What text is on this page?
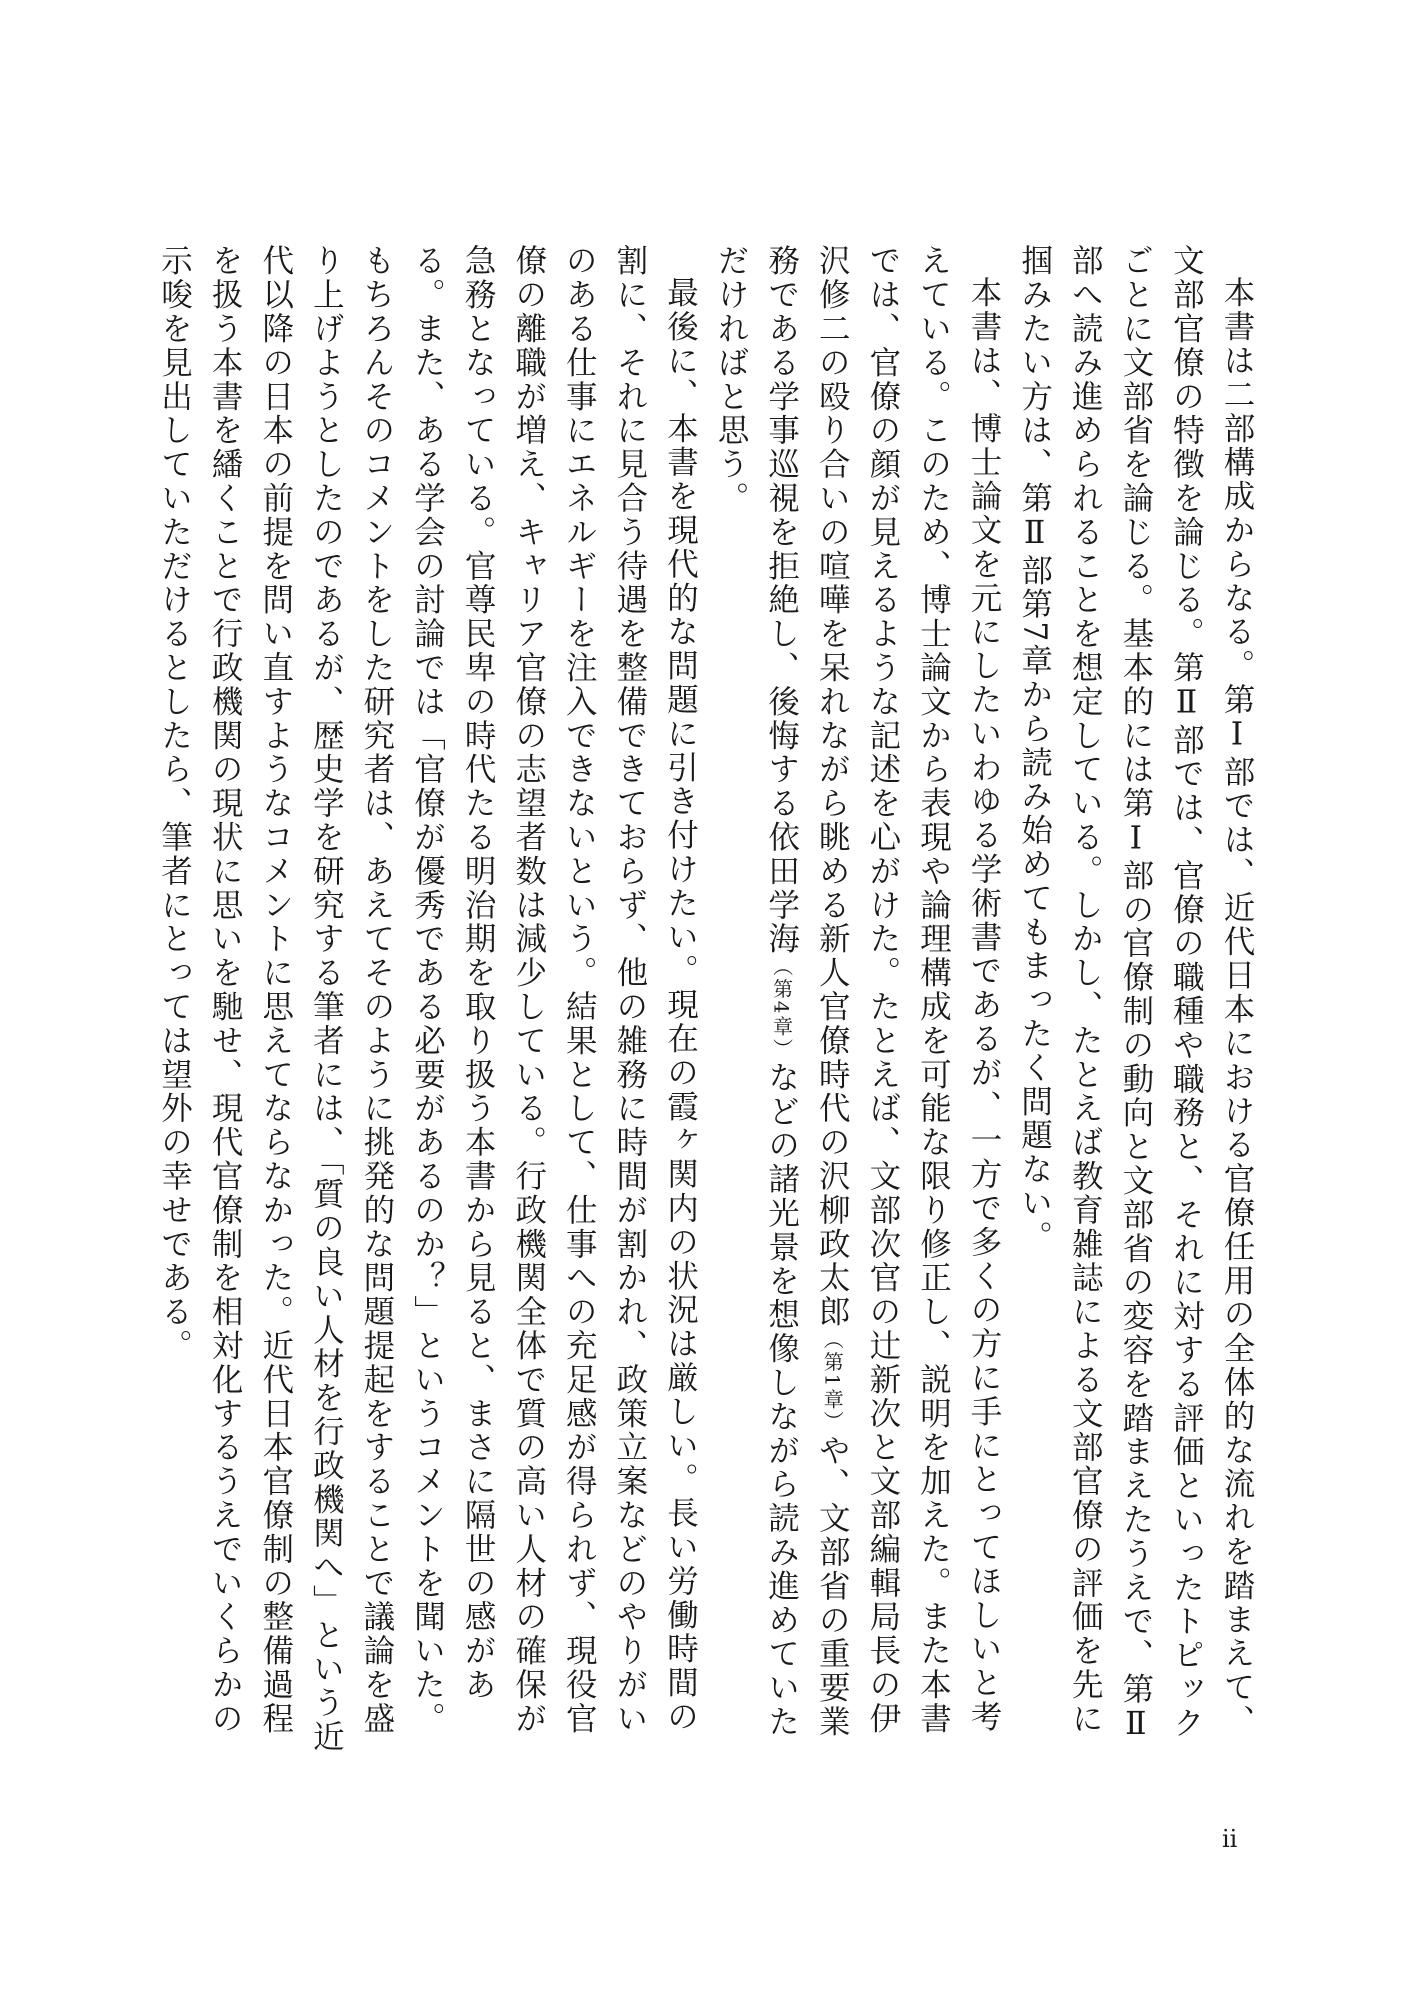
本書は二部構成からなる。第Ⅰ部では、近代日本における官僚任用の全体的な流れを踏まえて、文部官僚の特徴を論じる。第Ⅱ部では、官僚の職種や職務と、それに対する評価といったトピックごとに文部省を論じる。基本的には第Ⅰ部の官僚制の動向と文部省の変容を踏まえたうえで、第Ⅱ部へ読み進められることを想定している。しかし、たとえば教育雑誌による文部官僚の評価を先に掴みたい方は、第Ⅱ部第7章から読み始めてもまったく問題ない。

本書は、博士論文を元にしたいわゆる学術書であるが、一方で多くの方に手にとってほしいと考えている。このため、博士論文から表現や論理構成を可能な限り修正し、説明を加えた。また本書では、官僚の顔が見えるような記述を心がけた。たとえば、文部次官の辻新次と文部編輯局長の伊沢修二の殴り合いの喧嘩を呆れながら眺める新人官僚時代の沢柳政太郎（第1章）や、文部省の重要業務である学事巡視を拒絶し、後悔する依田学海（第4章）などの諸光景を想像しながら読み進めていただければと思う。

最後に、本書を現代的な問題に引き付けたい。現在の霞ヶ関内の状況は厳しい。長い労働時間の割に、それに見合う待遇を整備できておらず、他の雑務に時間が割かれ、政策立案などのやりがいのある仕事にエネルギーを注入できないという。結果として、仕事への充足感が得られず、現役官僚の離職が増え、キャリア官僚の志望者数は減少している。行政機関全体で質の高い人材の確保が急務となっている。官尊民卑の時代たる明治期を取り扱う本書から見ると、まさに隔世の感がある。また、ある学会の討論では「官僚が優秀である必要があるのか？」というコメントを聞いた。もちろんそのコメントをした研究者は、あえてそのように挑発的な問題提起をすることで議論を盛り上げようとしたのであるが、歴史学を研究する筆者には、「質の良い人材を行政機関へ」という近代以降の日本の前提を問い直すようなコメントに思えてならなかった。近代日本官僚制の整備過程を扱う本書を繙くことで行政機関の現状に思いを馳せ、現代官僚制を相対化するうえでいくらかの示唆を見出していただけるとしたら、筆者にとっては望外の幸せである。

ii
